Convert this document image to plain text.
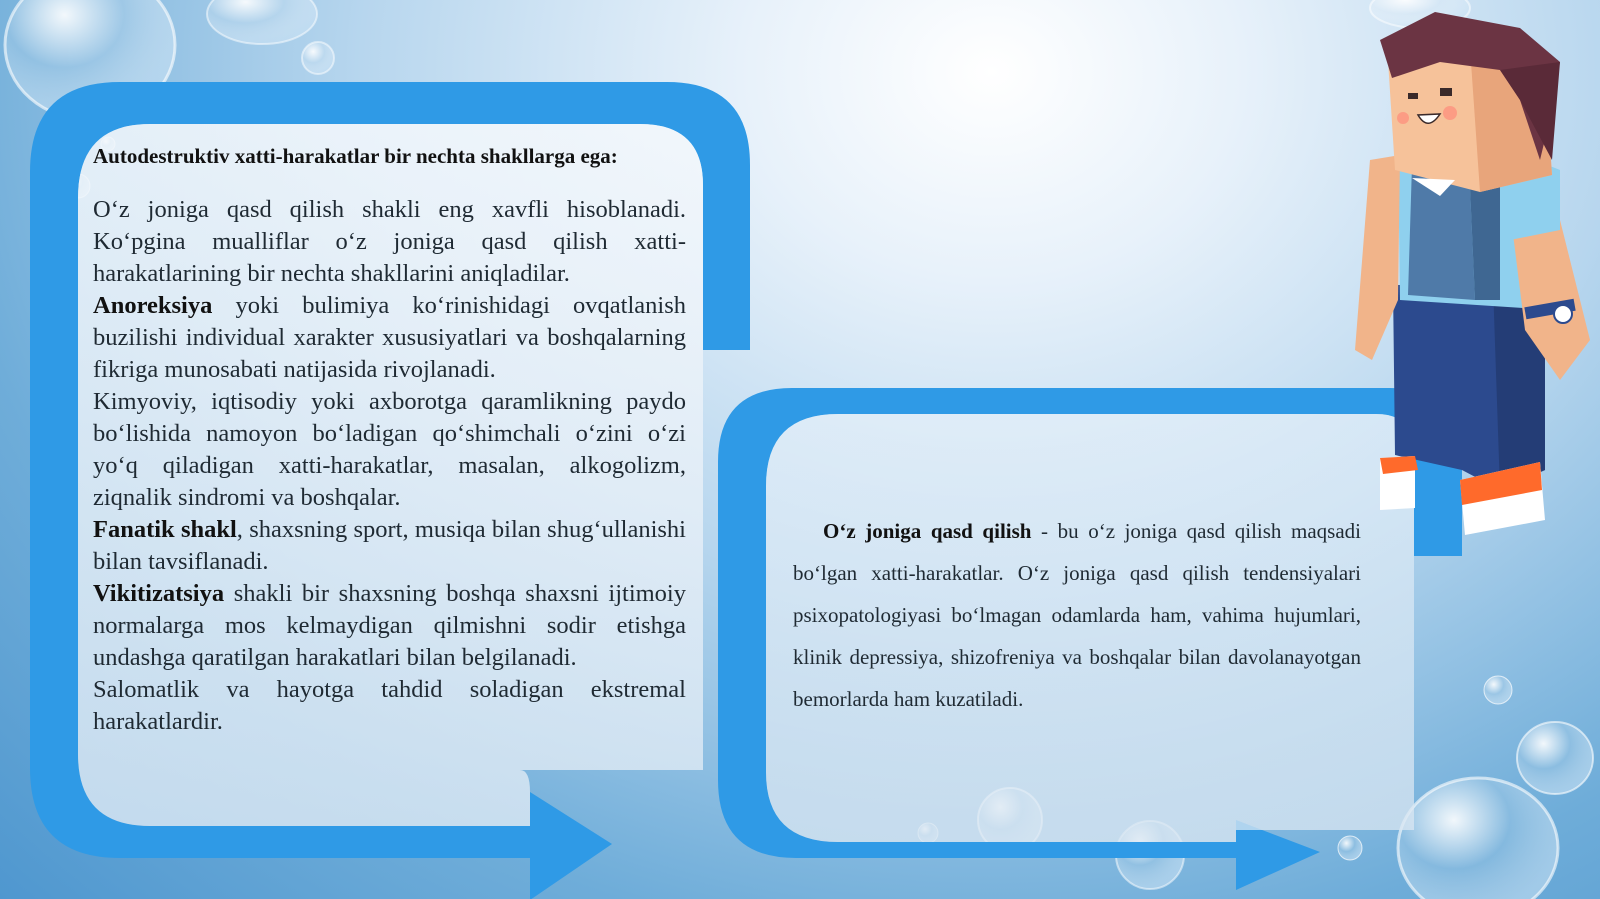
Autodestruktiv xatti-harakatlar bir nechta shakllarga ega:

O‘z joniga qasd qilish shakli eng xavfli hisoblanadi. Ko‘pgina mualliflar o‘z joniga qasd qilish xatti-harakatlarining bir nechta shakllarini aniqladilar.

Anoreksiya yoki bulimiya ko‘rinishidagi ovqatlanish buzilishi individual xarakter xususiyatlari va boshqalarning fikriga munosabati natijasida rivojlanadi.

Kimyoviy, iqtisodiy yoki axborotga qaramlikning paydo bo‘lishida namoyon bo‘ladigan qo‘shimchali o‘zini o‘zi yo‘q qiladigan xatti-harakatlar, masalan, alkogolizm, ziqnalik sindromi va boshqalar.

Fanatik shakl, shaxsning sport, musiqa bilan shug‘ullanishi bilan tavsiflanadi.

Vikitizatsiya shakli bir shaxsning boshqa shaxsni ijtimoiy normalarga mos kelmaydigan qilmishni sodir etishga undashga qaratilgan harakatlari bilan belgilanadi.

Salomatlik va hayotga tahdid soladigan ekstremal harakatlardir.

O‘z joniga qasd qilish - bu o‘z joniga qasd qilish maqsadi bo‘lgan xatti-harakatlar. O‘z joniga qasd qilish tendensiyalari psixopatologiyasi bo‘lmagan odamlarda ham, vahima hujumlari, klinik depressiya, shizofreniya va boshqalar bilan davolanayotgan bemorlarda ham kuzatiladi.
